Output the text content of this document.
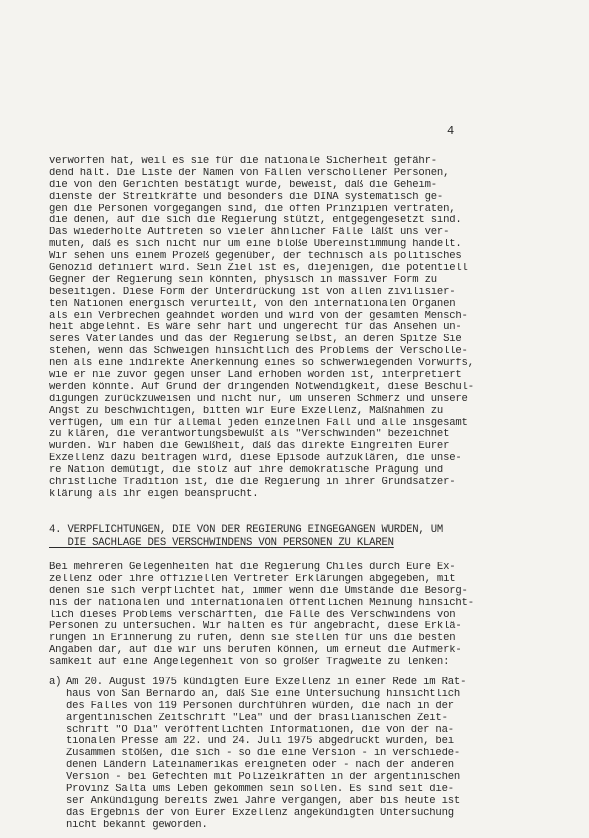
4
verworfen hat, weil es sie für die nationale Sicherheit gefähr-
dend hält. Die Liste der Namen von Fällen verschollener Personen,
die von den Gerichten bestätigt wurde, beweist, daß die Geheim-
dienste der Streitkräfte und besonders die DINA systematisch ge-
gen die Personen vorgegangen sind, die offen Prinzipien vertraten,
die denen, auf die sich die Regierung stützt, entgegengesetzt sind.
Das wiederholte Auftreten so vieler ähnlicher Fälle läßt uns ver-
muten, daß es sich nicht nur um eine bloße Übereinstimmung handelt.
Wir sehen uns einem Prozeß gegenüber, der technisch als politisches
Genozid definiert wird. Sein Ziel ist es, diejenigen, die potentiell
Gegner der Regierung sein könnten, physisch in massiver Form zu
beseitigen. Diese Form der Unterdrückung ist von allen zivilisier-
ten Nationen energisch verurteilt, von den internationalen Organen
als ein Verbrechen geahndet worden und wird von der gesamten Mensch-
heit abgelehnt. Es wäre sehr hart und ungerecht für das Ansehen un-
seres Vaterlandes und das der Regierung selbst, an deren Spitze Sie
stehen, wenn das Schweigen hinsichtlich des Problems der Verscholle-
nen als eine indirekte Anerkennung eines so schwerwiegenden Vorwurfs,
wie er nie zuvor gegen unser Land erhoben worden ist, interpretiert
werden könnte. Auf Grund der dringenden Notwendigkeit, diese Beschul-
digungen zurückzuweisen und nicht nur, um unseren Schmerz und unsere
Angst zu beschwichtigen, bitten wir Eure Exzellenz, Maßnahmen zu
verfügen, um ein für allemal jeden einzelnen Fall und alle insgesamt
zu klären, die verantwortungsbewußt als "Verschwinden" bezeichnet
wurden. Wir haben die Gewißheit, daß das direkte Eingreifen Eurer
Exzellenz dazu beitragen wird, diese Episode aufzuklären, die unse-
re Nation demütigt, die stolz auf ihre demokratische Prägung und
christliche Tradition ist, die die Regierung in ihrer Grundsatzer-
klärung als ihr eigen beansprucht.
4. VERPFLICHTUNGEN, DIE VON DER REGIERUNG EINGEGANGEN WURDEN, UM
DIE SACHLAGE DES VERSCHWINDENS VON PERSONEN ZU KLÄREN
Bei mehreren Gelegenheiten hat die Regierung Chiles durch Eure Ex-
zellenz oder ihre offiziellen Vertreter Erklärungen abgegeben, mit
denen sie sich verpflichtet hat, immer wenn die Umstände die Besorg-
nis der nationalen und internationalen öffentlichen Meinung hinsicht-
lich dieses Problems verschärften, die Fälle des Verschwindens von
Personen zu untersuchen. Wir halten es für angebracht, diese Erklä-
rungen in Erinnerung zu rufen, denn sie stellen für uns die besten
Angaben dar, auf die wir uns berufen können, um erneut die Aufmerk-
samkeit auf eine Angelegenheit von so großer Tragweite zu lenken:
a) Am 20. August 1975 kündigten Eure Exzellenz in einer Rede im Rat-
haus von San Bernardo an, daß Sie eine Untersuchung hinsichtlich
des Falles von 119 Personen durchführen würden, die nach in der
argentinischen Zeitschrift "Lea" und der brasilianischen Zeit-
schrift "O Dia" veröffentlichten Informationen, die von der na-
tionalen Presse am 22. und 24. Juli 1975 abgedruckt wurden, bei
Zusammen stößen, die sich - so die eine Version - in verschiede-
denen Ländern Lateinamerikas ereigneten oder - nach der anderen
Version - bei Gefechten mit Polizeikräften in der argentinischen
Provinz Salta ums Leben gekommen sein sollen. Es sind seit die-
ser Ankündigung bereits zwei Jahre vergangen, aber bis heute ist
das Ergebnis der von Eurer Exzellenz angekündigten Untersuchung
nicht bekannt geworden.
